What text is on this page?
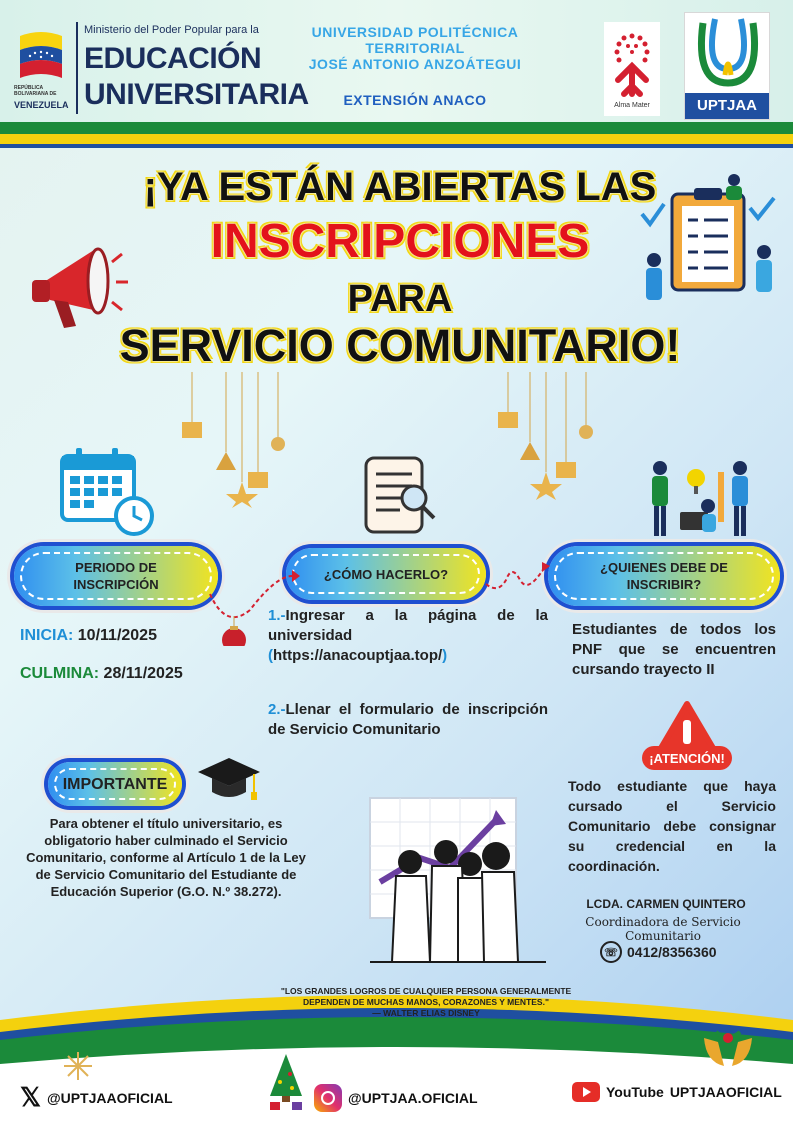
REPÚBLICA BOLIVARIANA DE
VENEZUELA
Ministerio del Poder Popular para la
EDUCACIÓN
UNIVERSITARIA
UNIVERSIDAD POLITÉCNICA
TERRITORIAL
JOSÉ ANTONIO ANZOÁTEGUI
EXTENSIÓN ANACO	Alma Mater	UPTJAA
¡YA ESTÁN ABIERTAS LAS
INSCRIPCIONES
PARA
SERVICIO COMUNITARIO!
PERIODO DE
INSCRIPCIÓN
¿CÓMO HACERLO?	¿QUIENES DEBE DE
INSCRIBIR?
INICIA: 10/11/2025
CULMINA: 28/11/2025
1.-Ingresar a la página de la universidad
(https://anacouptjaa.top/)
2.-Llenar el formulario de inscripción de Servicio Comunitario
Estudiantes de todos los PNF que se encuentren cursando trayecto II
¡ATENCIÓN!
Todo estudiante que haya cursado el Servicio Comunitario debe consignar su credencial en la coordinación.
IMPORTANTE
Para obtener el título universitario, es obligatorio haber culminado el Servicio Comunitario, conforme al Artículo 1 de la Ley de Servicio Comunitario del Estudiante de Educación Superior (G.O. N.º 38.272).
LCDA. CARMEN QUINTERO
Coordinadora de Servicio Comunitario
☏ 0412/8356360
"LOS GRANDES LOGROS DE CUALQUIER PERSONA GENERALMENTE
DEPENDEN DE MUCHAS MANOS, CORAZONES Y MENTES."
— WALTER ELIAS DISNEY
𝕏 @UPTJAAOFICIAL	@UPTJAA.OFICIAL	YouTube UPTJAAOFICIAL
